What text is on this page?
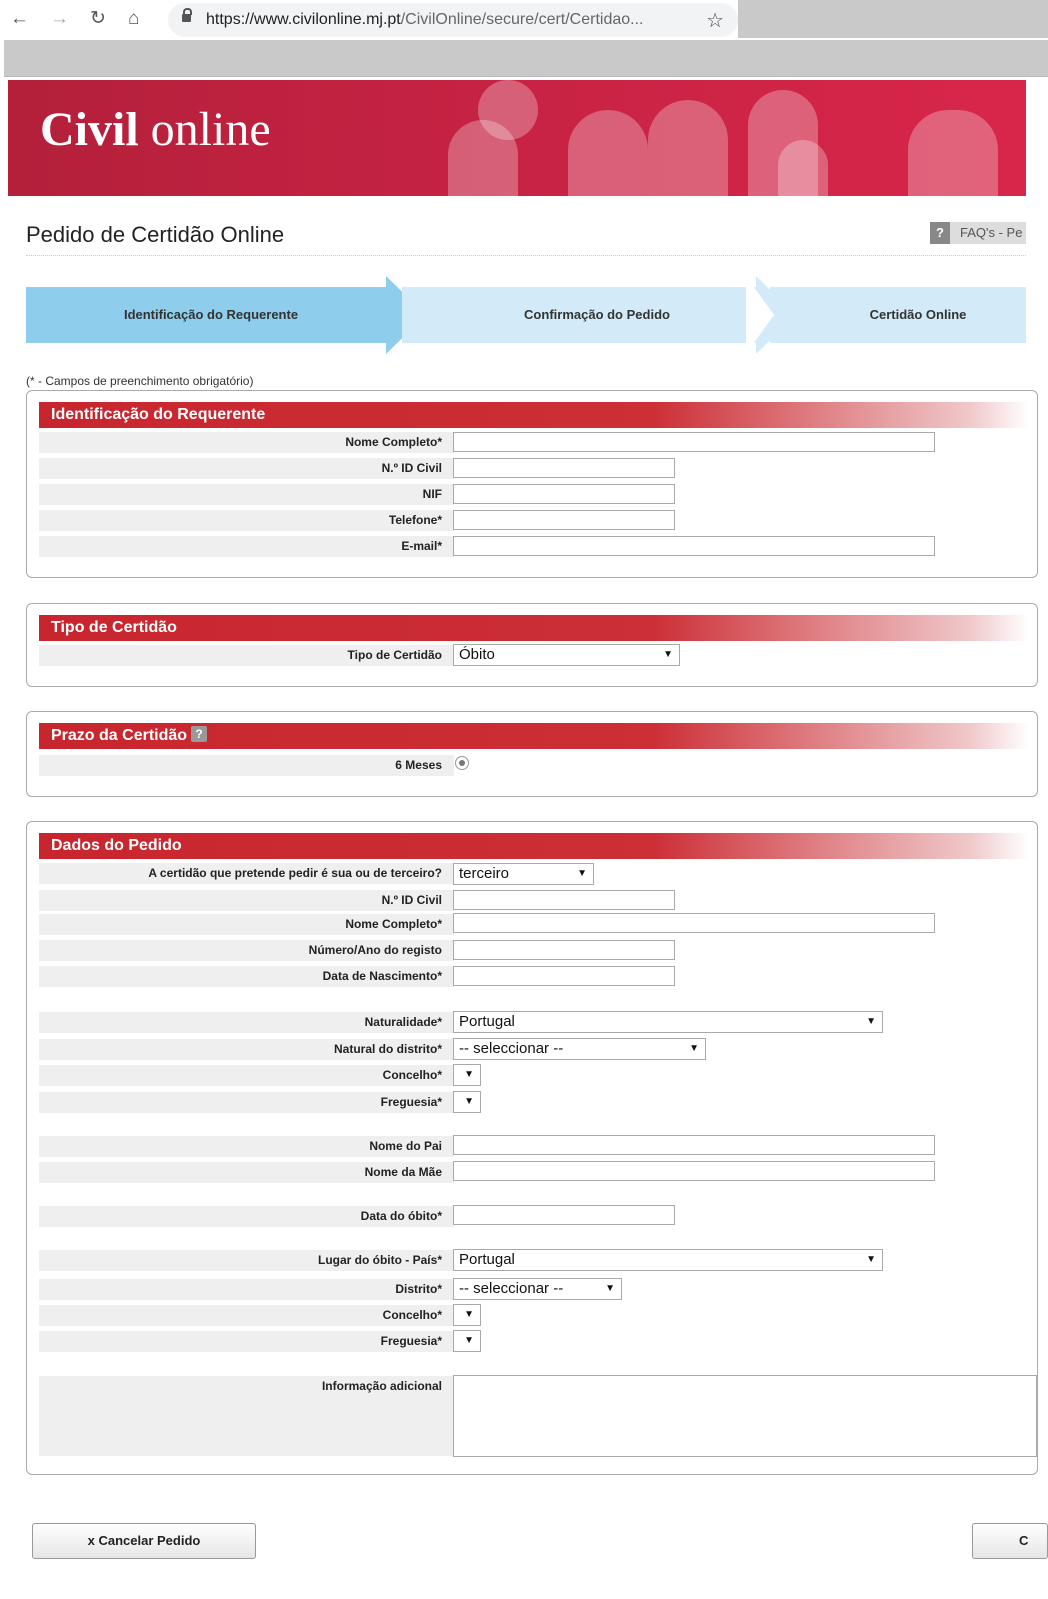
← → ↻ ⌂	https://www.civilonline.mj.pt/CivilOnline/secure/cert/Certidao...	☆
Civil online
Pedido de Certidão Online	? FAQ's - Pe
Identificação do Requerente	Confirmação do Pedido	Certidão Online
(* - Campos de preenchimento obrigatório)
Identificação do Requerente
Nome Completo*
N.º ID Civil
NIF
Telefone*
E-mail*
Tipo de Certidão
Tipo de Certidão	Óbito	▼
Prazo da Certidão ?
6 Meses
Dados do Pedido
A certidão que pretende pedir é sua ou de terceiro?	terceiro	▼
N.º ID Civil
Nome Completo*
Número/Ano do registo
Data de Nascimento*
Naturalidade*	Portugal	▼
Natural do distrito*	-- seleccionar --	▼
Concelho*	▼
Freguesia*	▼
Nome do Pai
Nome da Mãe
Data do óbito*
Lugar do óbito - País*	Portugal	▼
Distrito*	-- seleccionar --	▼
Concelho*	▼
Freguesia*	▼
Informação adicional
x Cancelar Pedido	C
